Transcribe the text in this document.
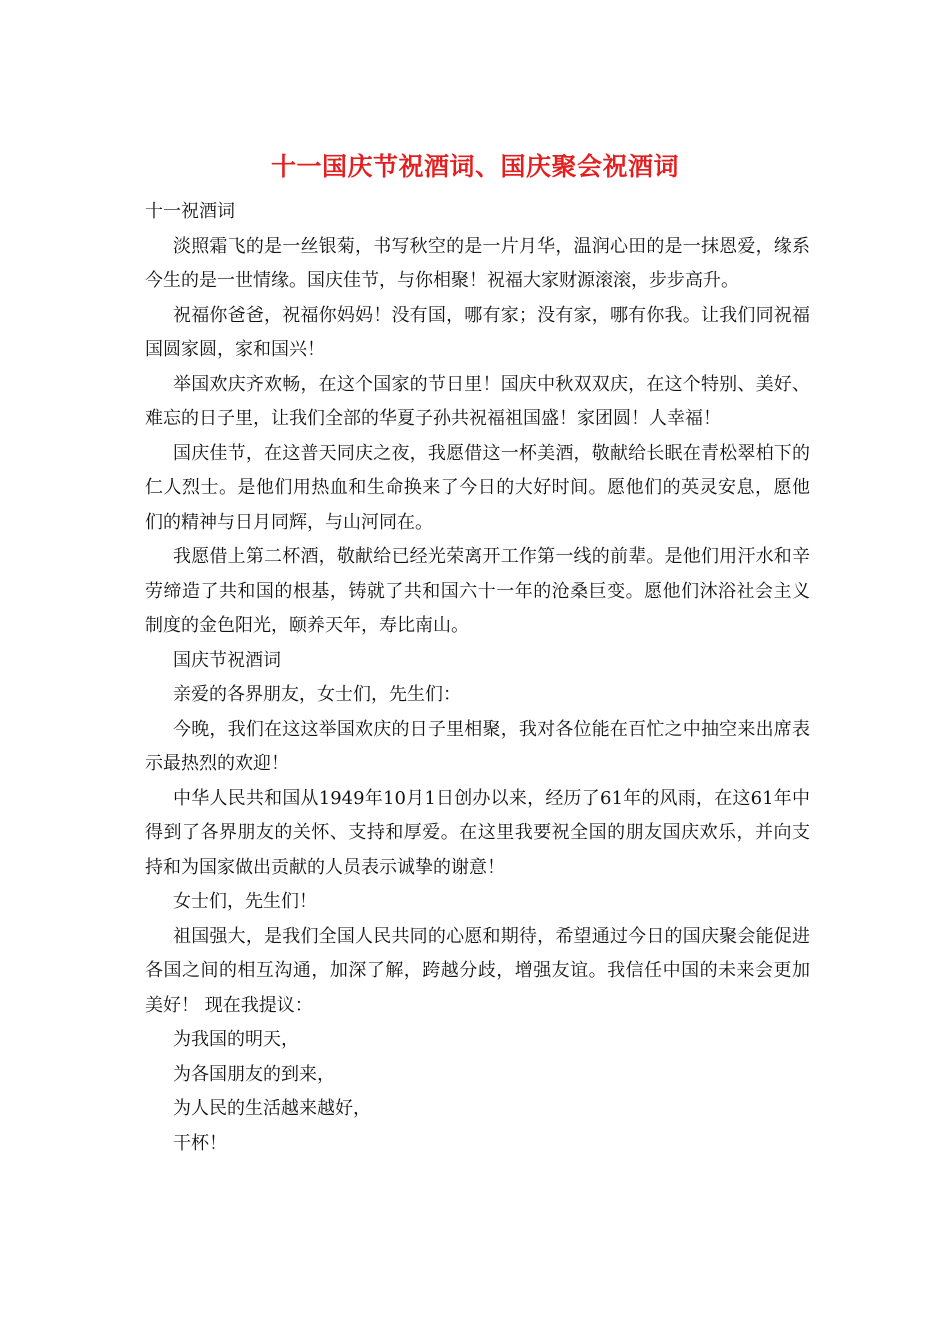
十一国庆节祝酒词、国庆聚会祝酒词

十一祝酒词

淡照霜飞的是一丝银菊，书写秋空的是一片月华，温润心田的是一抹恩爱，缘系今生的是一世情缘。国庆佳节，与你相聚！祝福大家财源滚滚，步步高升。

祝福你爸爸，祝福你妈妈！没有国，哪有家；没有家，哪有你我。让我们同祝福国圆家圆，家和国兴！

举国欢庆齐欢畅，在这个国家的节日里！国庆中秋双双庆，在这个特别、美好、难忘的日子里，让我们全部的华夏子孙共祝福祖国盛！家团圆！人幸福！

国庆佳节，在这普天同庆之夜，我愿借这一杯美酒，敬献给长眠在青松翠柏下的仁人烈士。是他们用热血和生命换来了今日的大好时间。愿他们的英灵安息，愿他们的精神与日月同辉，与山河同在。

我愿借上第二杯酒，敬献给已经光荣离开工作第一线的前辈。是他们用汗水和辛劳缔造了共和国的根基，铸就了共和国六十一年的沧桑巨变。愿他们沐浴社会主义制度的金色阳光，颐养天年，寿比南山。

国庆节祝酒词

亲爱的各界朋友，女士们，先生们：

今晚，我们在这这举国欢庆的日子里相聚，我对各位能在百忙之中抽空来出席表示最热烈的欢迎！

中华人民共和国从1949年10月1日创办以来，经历了61年的风雨，在这61年中得到了各界朋友的关怀、支持和厚爱。在这里我要祝全国的朋友国庆欢乐，并向支持和为国家做出贡献的人员表示诚挚的谢意！

女士们，先生们！

祖国强大，是我们全国人民共同的心愿和期待，希望通过今日的国庆聚会能促进各国之间的相互沟通，加深了解，跨越分歧，增强友谊。我信任中国的未来会更加美好！ 现在我提议：

为我国的明天，

为各国朋友的到来，

为人民的生活越来越好，

干杯！
